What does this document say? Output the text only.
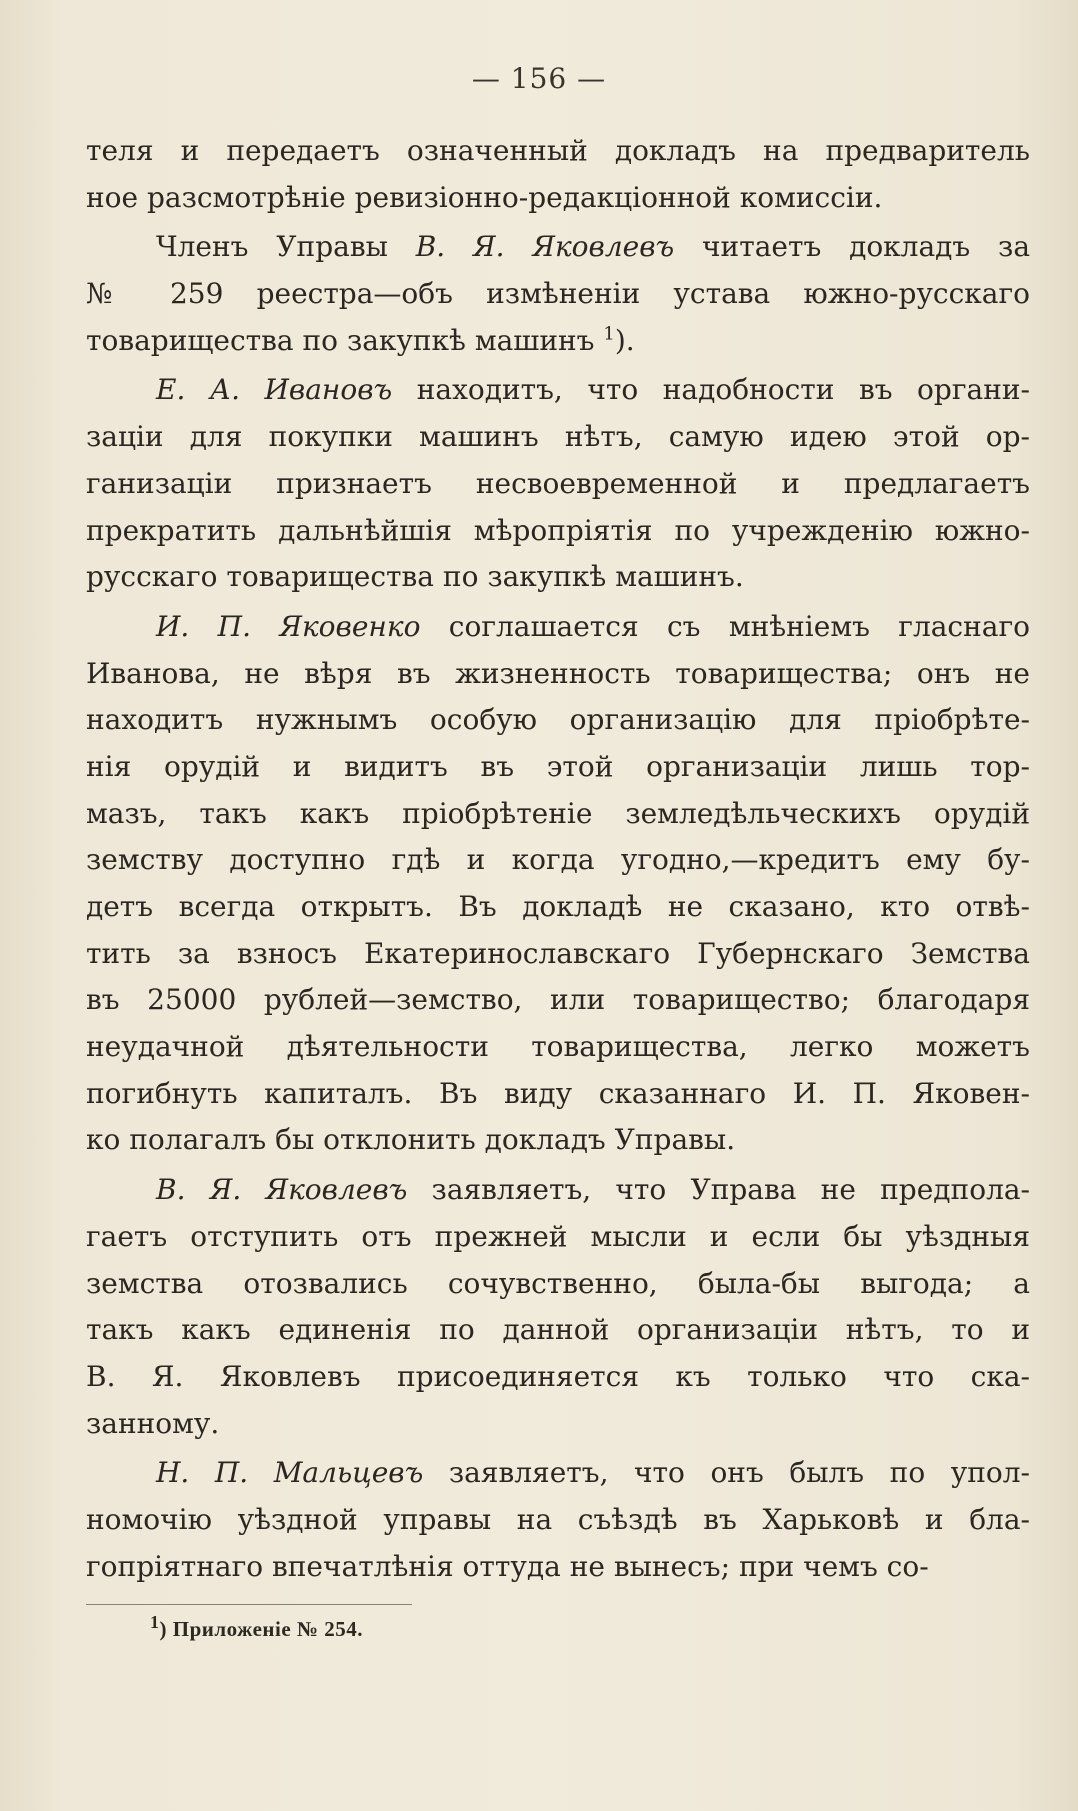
— 156 —
теля и передаетъ означенный докладъ на предваритель
ное разсмотрѣніе ревизіонно-редакціонной комиссіи.
Членъ Управы В. Я. Яковлевъ читаетъ докладъ за
№ 259 реестра—объ измѣненіи устава южно-русскаго
товарищества по закупкѣ машинъ $^1$).
Е. А. Ивановъ находитъ, что надобности въ органи-
заціи для покупки машинъ нѣтъ, самую идею этой ор-
ганизаціи признаетъ несвоевременной и предлагаетъ
прекратить дальнѣйшія мѣропріятія по учрежденію южно-
русскаго товарищества по закупкѣ машинъ.
И. П. Яковенко соглашается съ мнѣніемъ гласнаго
Иванова, не вѣря въ жизненность товарищества; онъ не
находитъ нужнымъ особую организацію для пріобрѣте-
нія орудій и видитъ въ этой организаціи лишь тор-
мазъ, такъ какъ пріобрѣтеніе земледѣльческихъ орудій
земству доступно гдѣ и когда угодно,—кредитъ ему бу-
детъ всегда открытъ. Въ докладѣ не сказано, кто отвѣ-
тить за взносъ Екатеринославскаго Губернскаго Земства
въ 25000 рублей—земство, или товарищество; благодаря
неудачной дѣятельности товарищества, легко можетъ
погибнуть капиталъ. Въ виду сказаннаго И. П. Яковен-
ко полагалъ бы отклонить докладъ Управы.
В. Я. Яковлевъ заявляетъ, что Управа не предпола-
гаетъ отступить отъ прежней мысли и если бы уѣздныя
земства отозвались сочувственно, была-бы выгода; а
такъ какъ единенія по данной организаціи нѣтъ, то и
В. Я. Яковлевъ присоединяется къ только что ска-
занному.
Н. П. Мальцевъ заявляетъ, что онъ былъ по упол-
номочію уѣздной управы на съѣздѣ въ Харьковѣ и бла-
гопріятнаго впечатлѣнія оттуда не вынесъ; при чемъ со-
$^1$) Приложеніе № 254.
